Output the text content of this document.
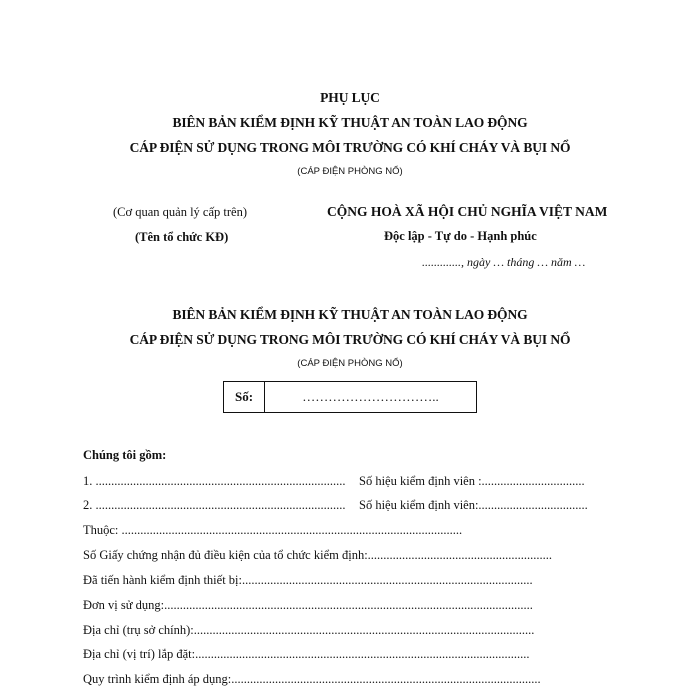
PHỤ LỤC
BIÊN BẢN KIỂM ĐỊNH KỸ THUẬT AN TOÀN LAO ĐỘNG
CÁP ĐIỆN SỬ DỤNG TRONG MÔI TRƯỜNG CÓ KHÍ CHÁY VÀ BỤI NỔ
(CÁP ĐIỆN PHÒNG NỔ)
(Cơ quan quản lý cấp trên)
(Tên tổ chức KĐ)
CỘNG HOÀ XÃ HỘI CHỦ NGHĨA VIỆT NAM
Độc lập - Tự do - Hạnh phúc
............., ngày … tháng … năm …
BIÊN BẢN KIỂM ĐỊNH KỸ THUẬT AN TOÀN LAO ĐỘNG
CÁP ĐIỆN SỬ DỤNG TRONG MÔI TRƯỜNG CÓ KHÍ CHÁY VÀ BỤI NỔ
(CÁP ĐIỆN PHÒNG NỔ)
Số:	…………………………..
Chúng tôi gồm:
1. ................................................................................ Số hiệu kiểm định viên :.................................
2. ................................................................................ Số hiệu kiểm định viên:...................................
Thuộc: .............................................................................................................
Số Giấy chứng nhận đủ điều kiện của tổ chức kiểm định:...........................................................
Đã tiến hành kiểm định thiết bị:.............................................................................................
Đơn vị sử dụng:......................................................................................................................
Địa chỉ (trụ sở chính):.............................................................................................................
Địa chỉ (vị trí) lắp đặt:...........................................................................................................
Quy trình kiểm định áp dụng:...................................................................................................
